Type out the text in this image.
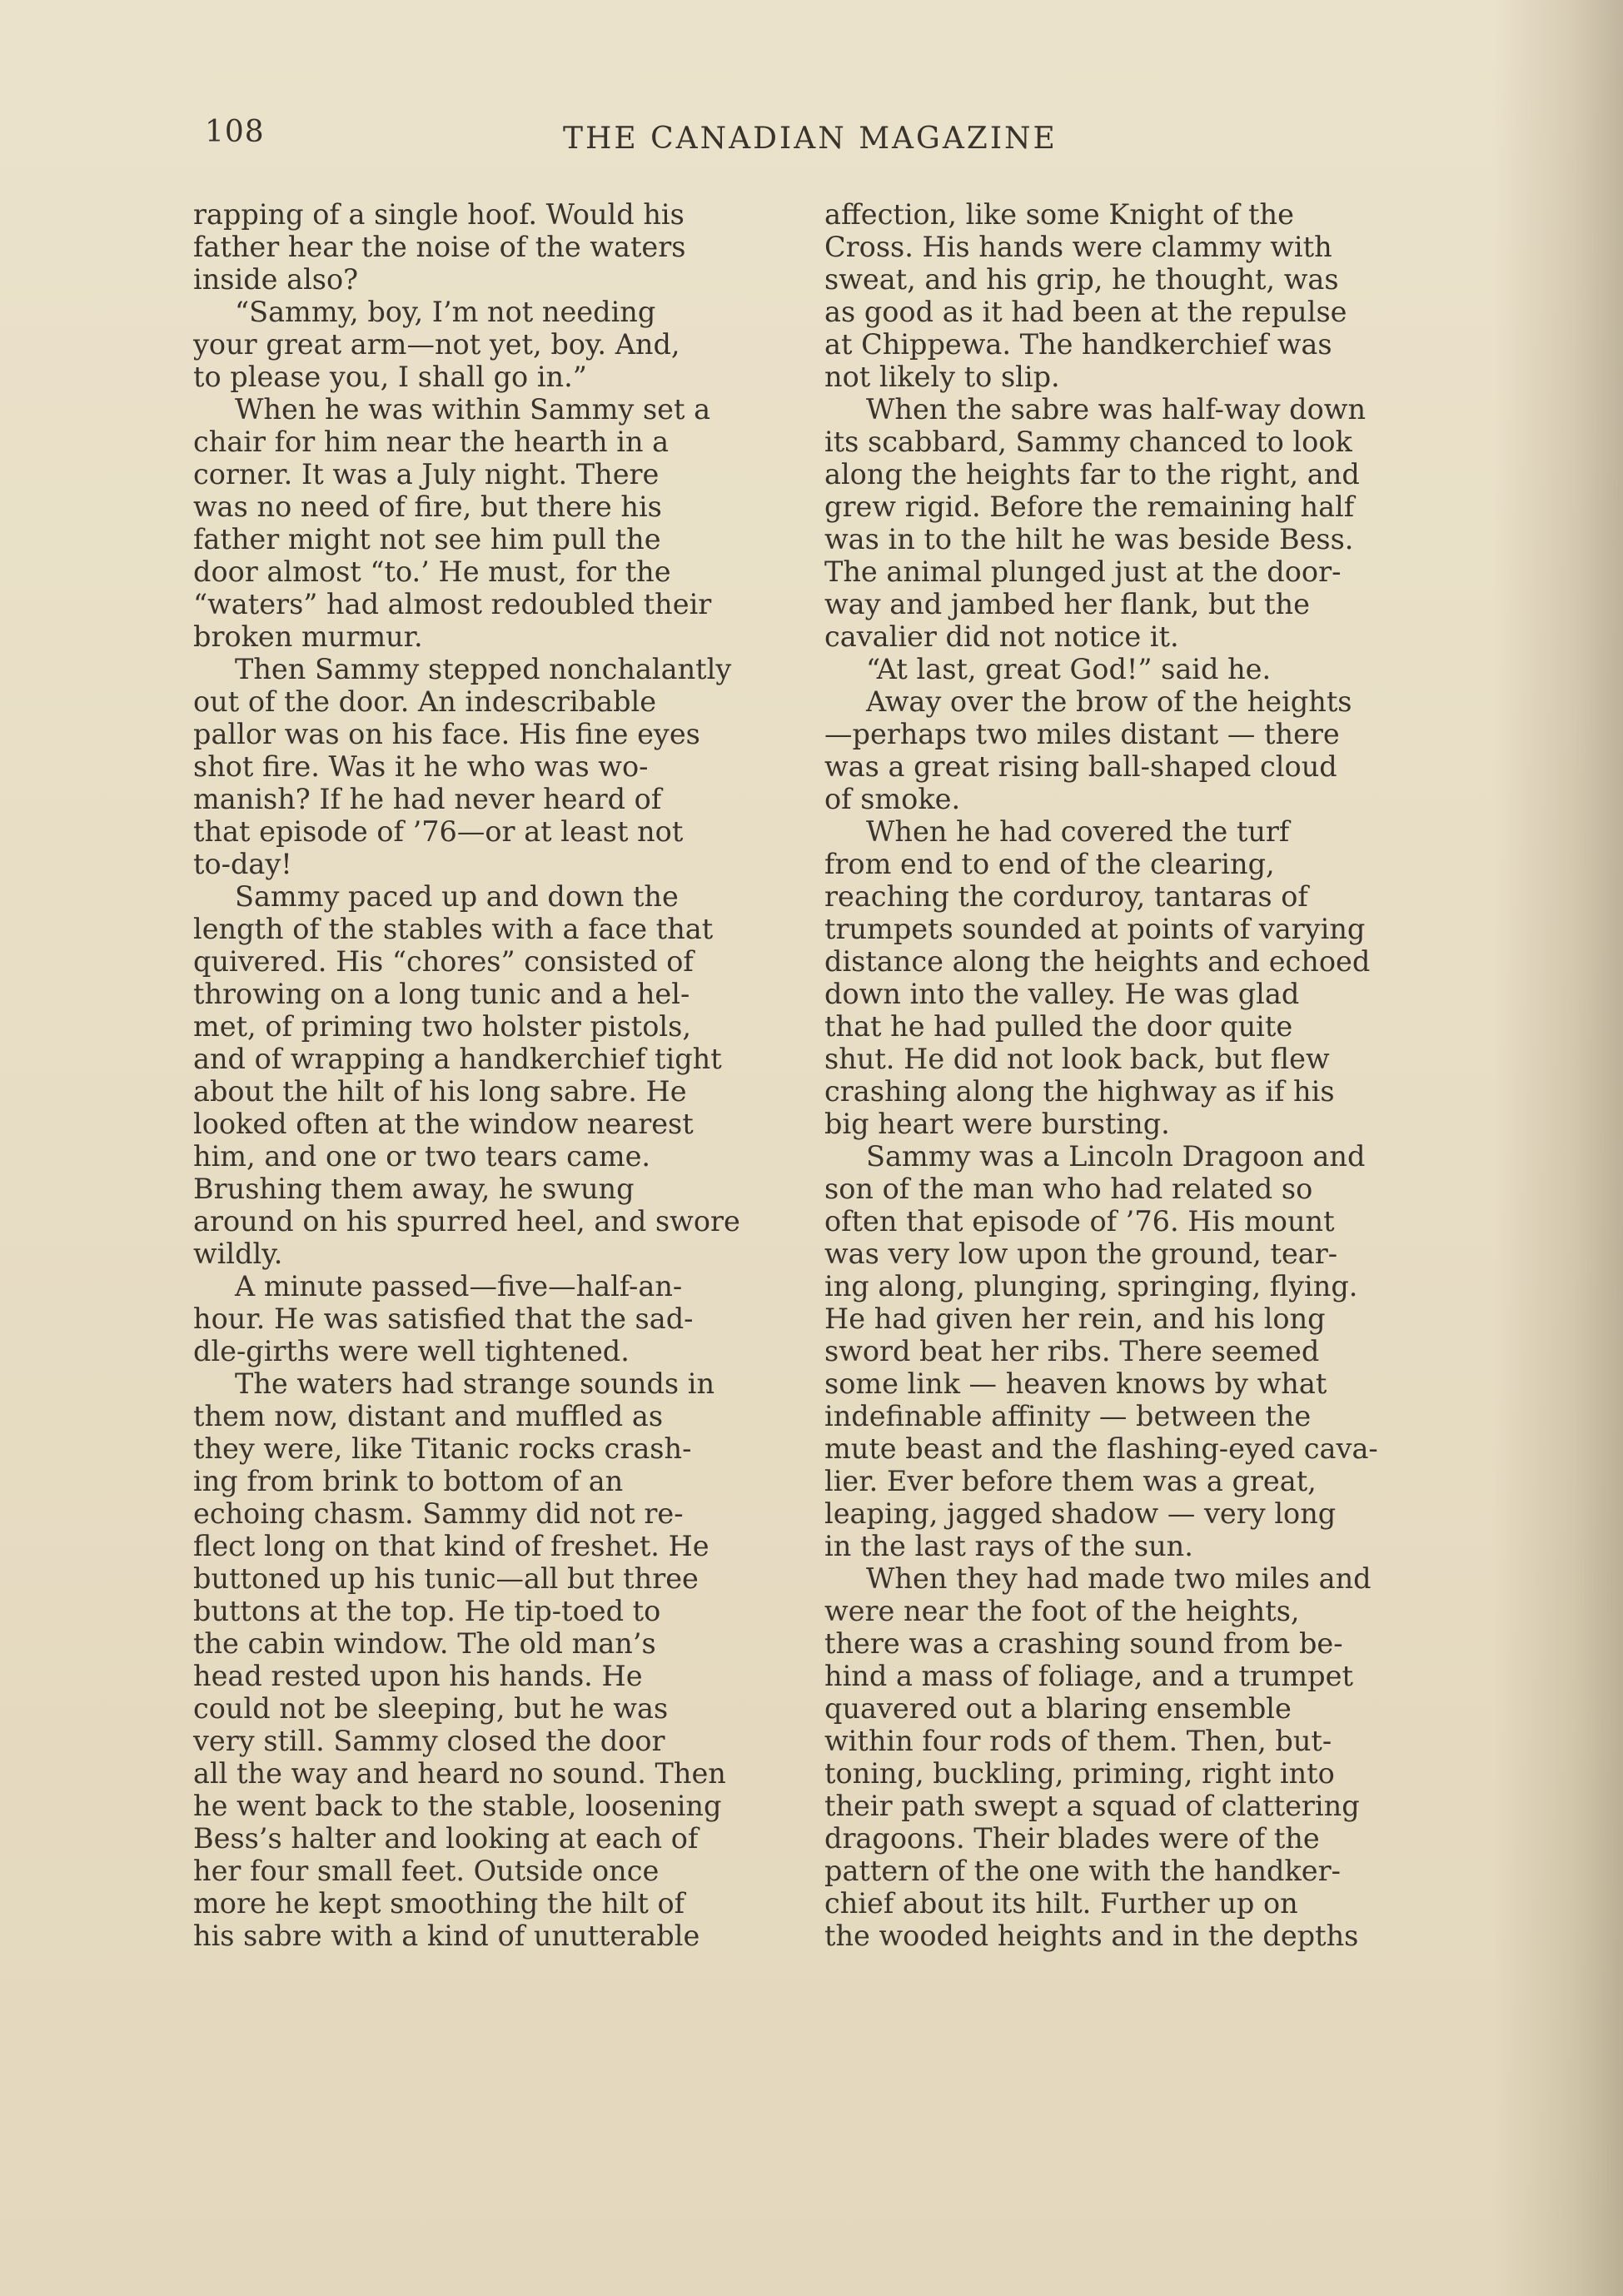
108	THE CANADIAN MAGAZINE
rapping of a single hoof. Would his
father hear the noise of the waters
inside also?
“Sammy, boy, I’m not needing
your great arm—not yet, boy. And,
to please you, I shall go in.”
When he was within Sammy set a
chair for him near the hearth in a
corner. It was a July night. There
was no need of fire, but there his
father might not see him pull the
door almost “to.’ He must, for the
“waters” had almost redoubled their
broken murmur.
Then Sammy stepped nonchalantly
out of the door. An indescribable
pallor was on his face. His fine eyes
shot fire. Was it he who was wo-
manish? If he had never heard of
that episode of ’76—or at least not
to-day!
Sammy paced up and down the
length of the stables with a face that
quivered. His “chores” consisted of
throwing on a long tunic and a hel-
met, of priming two holster pistols,
and of wrapping a handkerchief tight
about the hilt of his long sabre. He
looked often at the window nearest
him, and one or two tears came.
Brushing them away, he swung
around on his spurred heel, and swore
wildly.
A minute passed—five—half-an-
hour. He was satisfied that the sad-
dle-girths were well tightened.
The waters had strange sounds in
them now, distant and muffled as
they were, like Titanic rocks crash-
ing from brink to bottom of an
echoing chasm. Sammy did not re-
flect long on that kind of freshet. He
buttoned up his tunic—all but three
buttons at the top. He tip-toed to
the cabin window. The old man’s
head rested upon his hands. He
could not be sleeping, but he was
very still. Sammy closed the door
all the way and heard no sound. Then
he went back to the stable, loosening
Bess’s halter and looking at each of
her four small feet. Outside once
more he kept smoothing the hilt of
his sabre with a kind of unutterable
affection, like some Knight of the
Cross. His hands were clammy with
sweat, and his grip, he thought, was
as good as it had been at the repulse
at Chippewa. The handkerchief was
not likely to slip.
When the sabre was half-way down
its scabbard, Sammy chanced to look
along the heights far to the right, and
grew rigid. Before the remaining half
was in to the hilt he was beside Bess.
The animal plunged just at the door-
way and jambed her flank, but the
cavalier did not notice it.
“At last, great God!” said he.
Away over the brow of the heights
—perhaps two miles distant — there
was a great rising ball-shaped cloud
of smoke.
When he had covered the turf
from end to end of the clearing,
reaching the corduroy, tantaras of
trumpets sounded at points of varying
distance along the heights and echoed
down into the valley. He was glad
that he had pulled the door quite
shut. He did not look back, but flew
crashing along the highway as if his
big heart were bursting.
Sammy was a Lincoln Dragoon and
son of the man who had related so
often that episode of ’76. His mount
was very low upon the ground, tear-
ing along, plunging, springing, flying.
He had given her rein, and his long
sword beat her ribs. There seemed
some link — heaven knows by what
indefinable affinity — between the
mute beast and the flashing-eyed cava-
lier. Ever before them was a great,
leaping, jagged shadow — very long
in the last rays of the sun.
When they had made two miles and
were near the foot of the heights,
there was a crashing sound from be-
hind a mass of foliage, and a trumpet
quavered out a blaring ensemble
within four rods of them. Then, but-
toning, buckling, priming, right into
their path swept a squad of clattering
dragoons. Their blades were of the
pattern of the one with the handker-
chief about its hilt. Further up on
the wooded heights and in the depths
